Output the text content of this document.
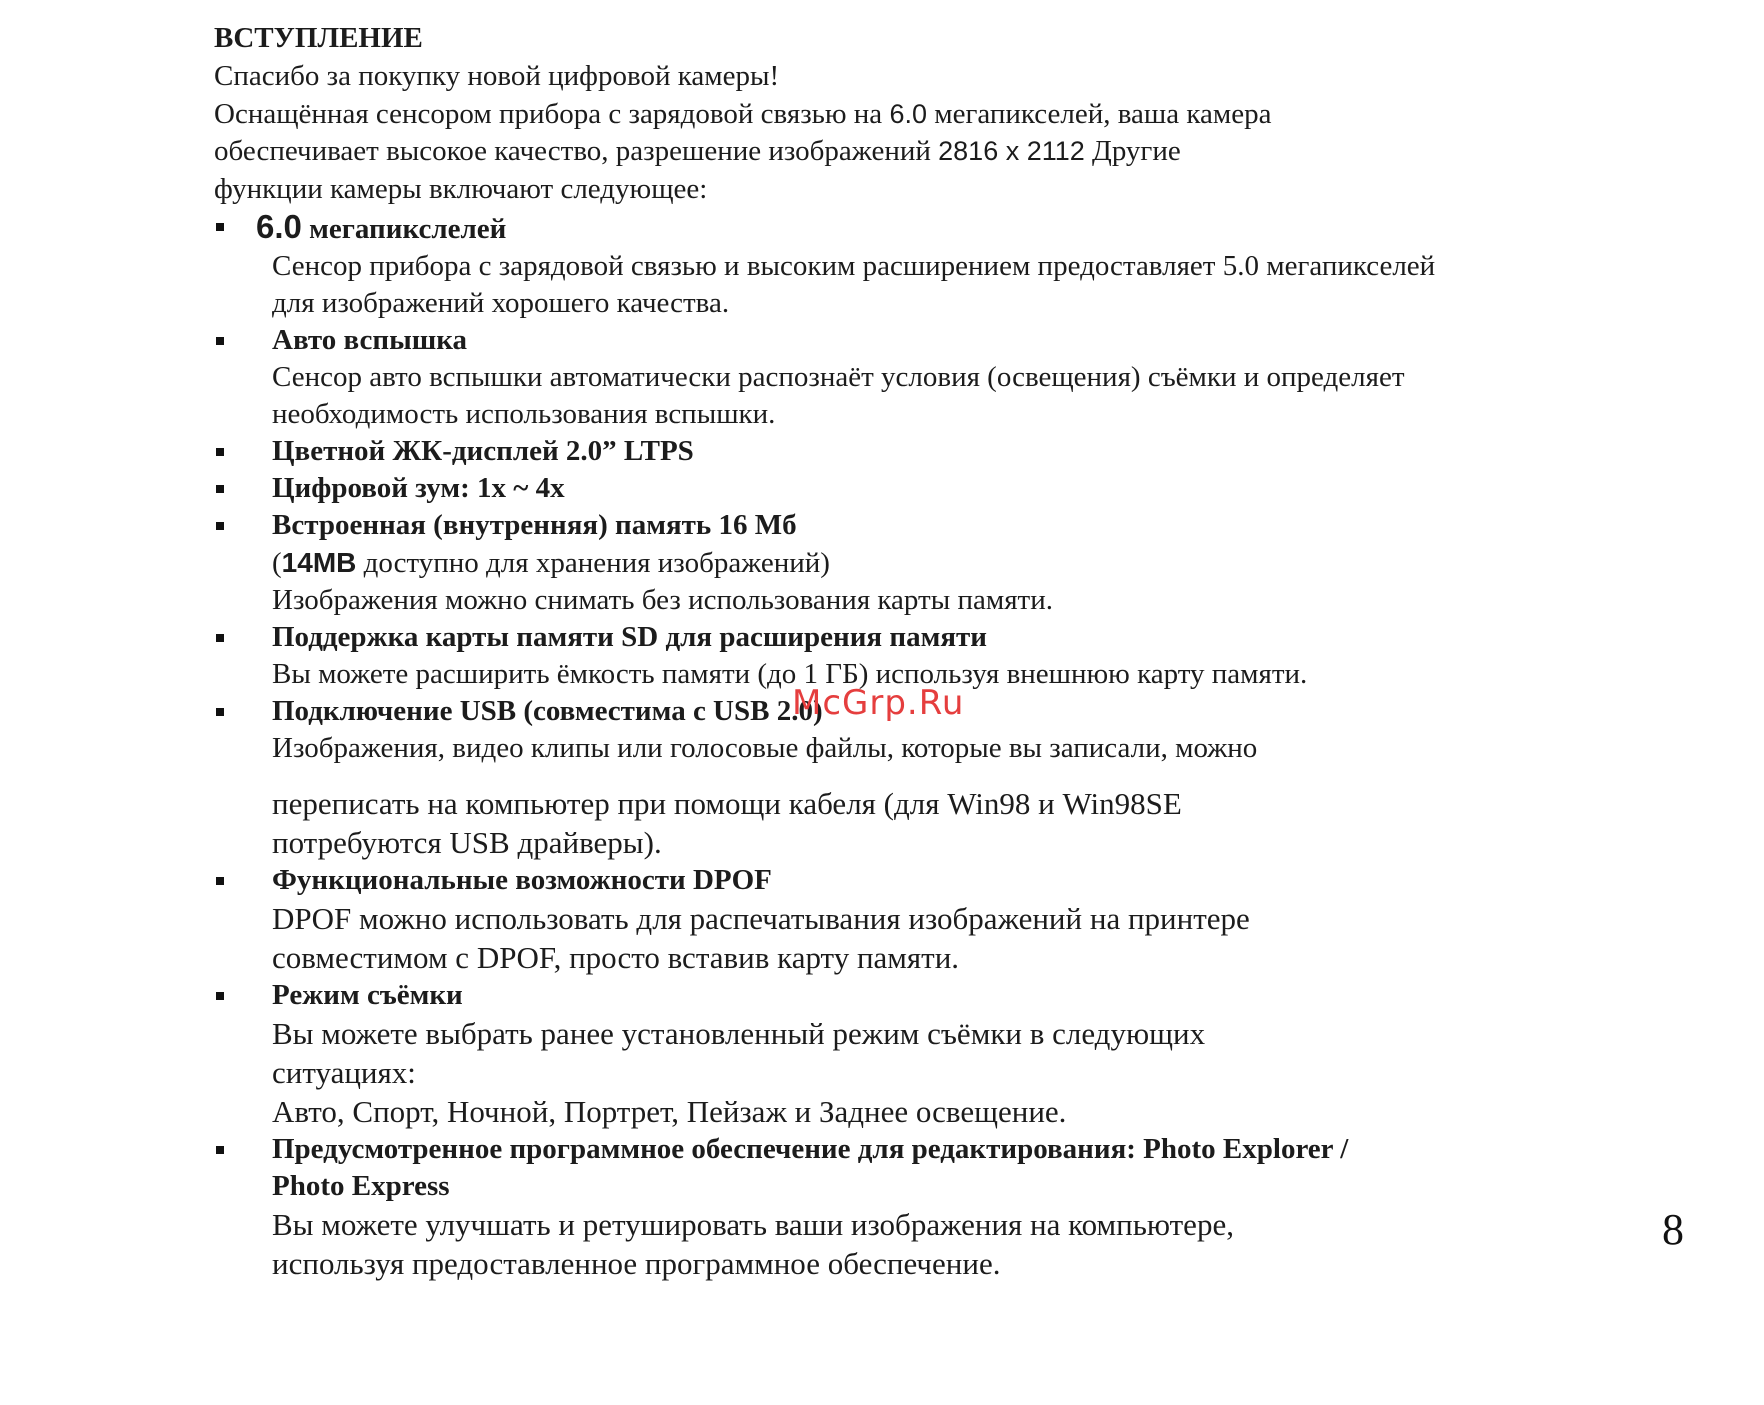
ВСТУПЛЕНИЕ

Спасибо за покупку новой цифровой камеры!

Оснащённая сенсором прибора с зарядовой связью на 6.0 мегапикселей, ваша камера обеспечивает высокое качество, разрешение изображений 2816 x 2112 Другие функции камеры включают следующее:

6.0 мегапикслелей

Сенсор прибора с зарядовой связью и высоким расширением предоставляет 5.0 мегапикселей для изображений хорошего качества.

Авто вспышка

Сенсор авто вспышки автоматически распознаёт условия (освещения) съёмки и определяет необходимость использования вспышки.

Цветной ЖК-дисплей 2.0” LTPS

Цифровой зум: 1x ~ 4x

Встроенная (внутренняя) память 16 Мб

(14MB доступно для хранения изображений)

Изображения можно снимать без использования карты памяти.

Поддержка карты памяти SD для расширения памяти

Вы можете расширить ёмкость памяти (до 1 ГБ) используя внешнюю карту памяти.

Подключение USB (совместима с USB 2.0)

Изображения, видео клипы или голосовые файлы, которые вы записали, можно

переписать на компьютер при помощи кабеля (для Win98 и Win98SE потребуются USB драйверы).

Функциональные возможности DPOF

DPOF можно использовать для распечатывания изображений на принтере совместимом с DPOF, просто вставив карту памяти.

Режим съёмки

Вы можете выбрать ранее установленный режим съёмки в следующих ситуациях:

Авто, Спорт, Ночной, Портрет, Пейзаж и Заднее освещение.

Предусмотренное программное обеспечение для редактирования: Photo Explorer / Photo Express

Вы можете улучшать и ретушировать ваши изображения на компьютере, используя предоставленное программное обеспечение.

McGrp.Ru
8
